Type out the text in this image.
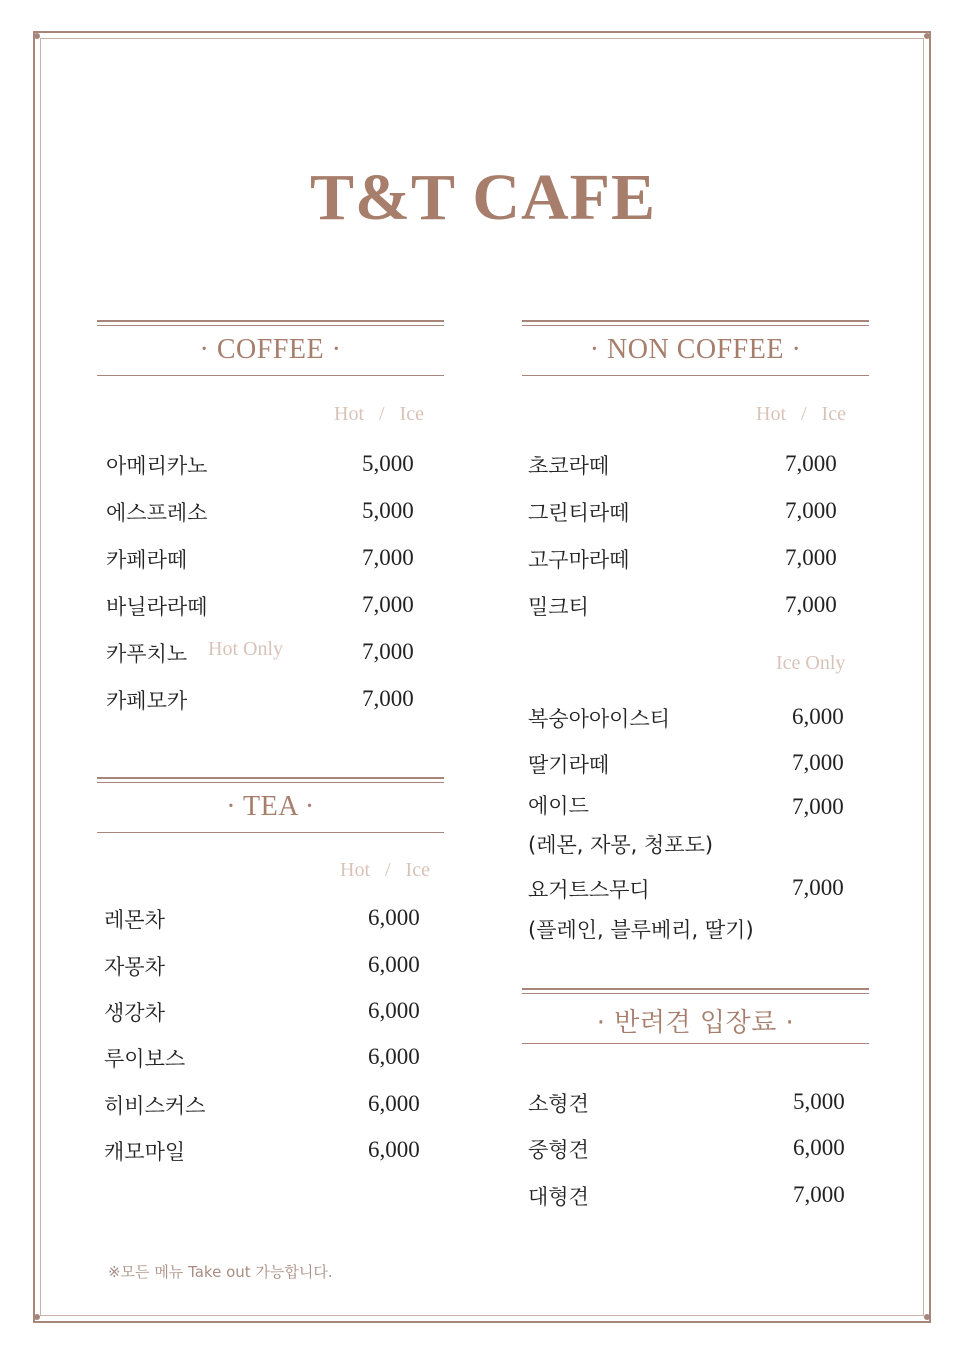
T&T CAFE
· COFFEE ·
Hot   /   Ice
아메리카노	5,000
에스프레소	5,000
카페라떼	7,000
바닐라라떼	7,000
카푸치노 Hot Only	7,000
카페모카	7,000
· TEA ·
Hot   /   Ice
레몬차	6,000
자몽차	6,000
생강차	6,000
루이보스	6,000
히비스커스	6,000
캐모마일	6,000
· NON COFFEE ·
Hot   /   Ice
초코라떼	7,000
그린티라떼	7,000
고구마라떼	7,000
밀크티	7,000
Ice Only
복숭아아이스티	6,000
딸기라떼	7,000
에이드	7,000
(레몬, 자몽, 청포도)
요거트스무디	7,000
(플레인, 블루베리, 딸기)
· 반려견 입장료 ·
소형견	5,000
중형견	6,000
대형견	7,000
※모든 메뉴 Take out 가능합니다.
